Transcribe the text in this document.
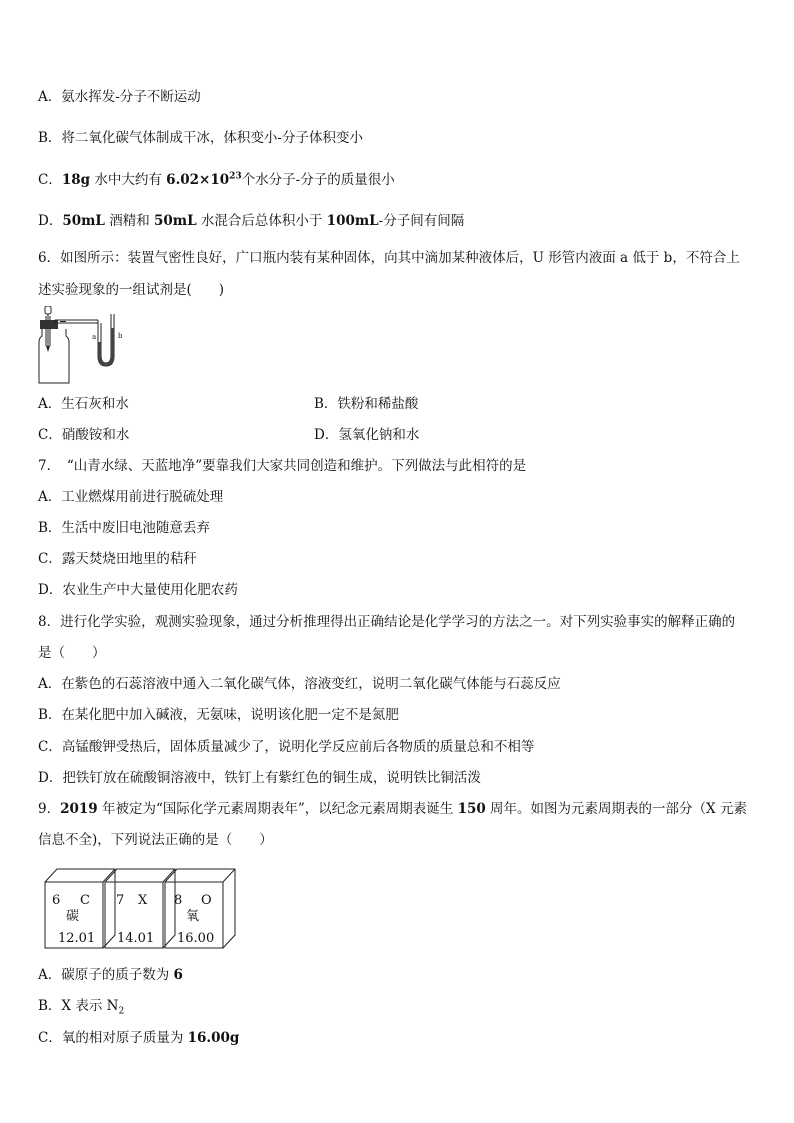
A．氨水挥发-分子不断运动
B．将二氧化碳气体制成干冰，体积变小-分子体积变小
C．18g 水中大约有 $6.02\times 10^{23}$个水分子-分子的质量很小
D．50mL 酒精和 50mL 水混合后总体积小于 100mL-分子间有间隔
6．如图所示：装置气密性良好，广口瓶内装有某种固体，向其中滴加某种液体后，U 形管内液面 a 低于 b，不符合上
述实验现象的一组试剂是(　　)
a	b
A．生石灰和水	B．铁粉和稀盐酸
C．硝酸铵和水	D．氢氧化钠和水
7．　“山青水绿、天蓝地净”要靠我们大家共同创造和维护。下列做法与此相符的是
A．工业燃煤用前进行脱硫处理
B．生活中废旧电池随意丢弃
C．露天焚烧田地里的秸秆
D．农业生产中大量使用化肥农药
8．进行化学实验，观测实验现象，通过分析推理得出正确结论是化学学习的方法之一。对下列实验事实的解释正确的
是（　　）
A．在紫色的石蕊溶液中通入二氧化碳气体，溶液变红，说明二氧化碳气体能与石蕊反应
B．在某化肥中加入碱液，无氨味，说明该化肥一定不是氮肥
C．高锰酸钾受热后，固体质量减少了，说明化学反应前后各物质的质量总和不相等
D．把铁钉放在硫酸铜溶液中，铁钉上有紫红色的铜生成，说明铁比铜活泼
9．2019 年被定为“国际化学元素周期表年”，以纪念元素周期表诞生 150 周年。如图为元素周期表的一部分（X 元素
信息不全)，下列说法正确的是（　　）
6 C
碳
12.01
7 X
14.01
8 O
氧
16.00
A．碳原子的质子数为 6
B．X 表示 $N_2$
C．氧的相对原子质量为 16.00g
